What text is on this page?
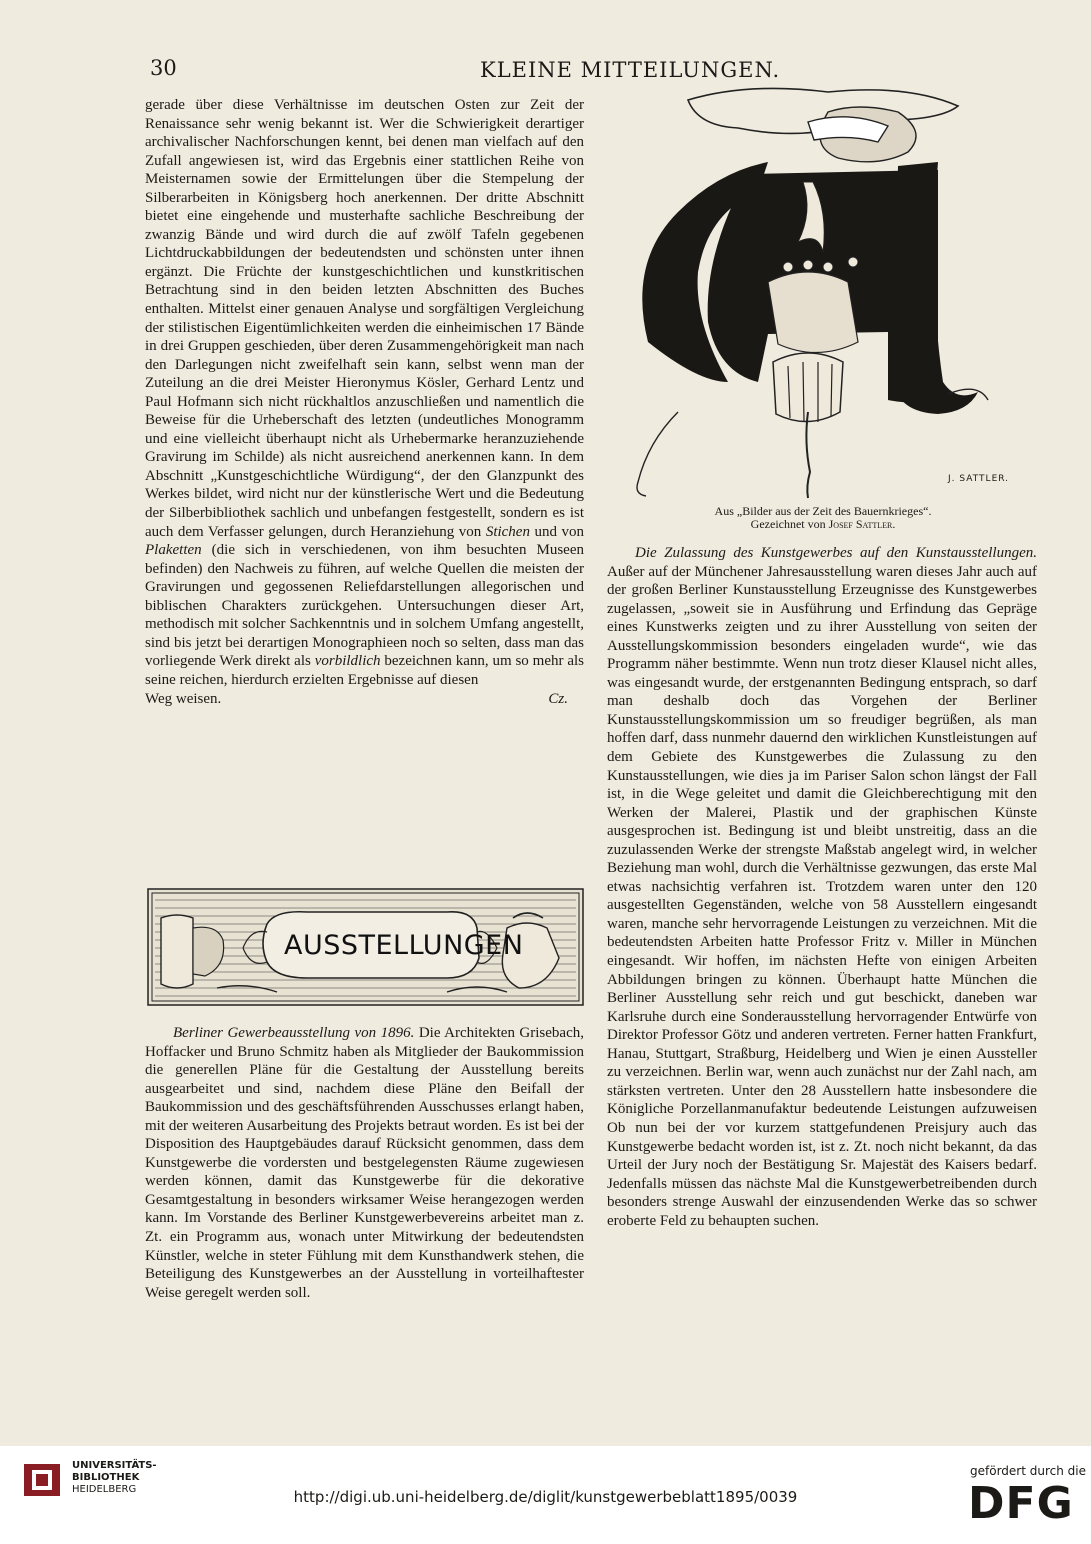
30	KLEINE MITTEILUNGEN.

gerade über diese Verhältnisse im deutschen Osten zur Zeit der Renaissance sehr wenig bekannt ist. Wer die Schwierigkeit derartiger archivalischer Nachforschungen kennt, bei denen man vielfach auf den Zufall angewiesen ist, wird das Ergebnis einer stattlichen Reihe von Meisternamen sowie der Ermittelungen über die Stempelung der Silberarbeiten in Königsberg hoch anerkennen. Der dritte Abschnitt bietet eine eingehende und musterhafte sachliche Beschreibung der zwanzig Bände und wird durch die auf zwölf Tafeln gegebenen Lichtdruckabbildungen der bedeutendsten und schönsten unter ihnen ergänzt. Die Früchte der kunstgeschichtlichen und kunstkritischen Betrachtung sind in den beiden letzten Abschnitten des Buches enthalten. Mittelst einer genauen Analyse und sorgfältigen Vergleichung der stilistischen Eigentümlichkeiten werden die einheimischen 17 Bände in drei Gruppen geschieden, über deren Zusammengehörigkeit man nach den Darlegungen nicht zweifelhaft sein kann, selbst wenn man der Zuteilung an die drei Meister Hieronymus Kösler, Gerhard Lentz und Paul Hofmann sich nicht rückhaltlos anzuschließen und namentlich die Beweise für die Urheberschaft des letzten (undeutliches Monogramm und eine vielleicht überhaupt nicht als Urhebermarke heranzuziehende Gravirung im Schilde) als nicht ausreichend anerkennen kann. In dem Abschnitt „Kunstgeschichtliche Würdigung“, der den Glanzpunkt des Werkes bildet, wird nicht nur der künstlerische Wert und die Bedeutung der Silberbibliothek sachlich und unbefangen festgestellt, sondern es ist auch dem Verfasser gelungen, durch Heranziehung von Stichen und von Plaketten (die sich in verschiedenen, von ihm besuchten Museen befinden) den Nachweis zu führen, auf welche Quellen die meisten der Gravirungen und gegossenen Reliefdarstellungen allegorischen und biblischen Charakters zurückgehen. Untersuchungen dieser Art, methodisch mit solcher Sachkenntnis und in solchem Umfang angestellt, sind bis jetzt bei derartigen Monographieen noch so selten, dass man das vorliegende Werk direkt als vorbildlich bezeichnen kann, um so mehr als seine reichen, hierdurch erzielten Ergebnisse auf diesen

Weg weisen.	Cz.
J. SATTLER.
Aus „Bilder aus der Zeit des Bauernkrieges“.
Gezeichnet von Josef Sattler.

Die Zulassung des Kunstgewerbes auf den Kunstausstellungen. Außer auf der Münchener Jahresausstellung waren dieses Jahr auch auf der großen Berliner Kunstausstellung Erzeugnisse des Kunstgewerbes zugelassen, „soweit sie in Ausführung und Erfindung das Gepräge eines Kunstwerks zeigten und zu ihrer Ausstellung von seiten der Ausstellungskommission besonders eingeladen wurde“, wie das Programm näher bestimmte. Wenn nun trotz dieser Klausel nicht alles, was eingesandt wurde, der erstgenannten Bedingung entsprach, so darf man deshalb doch das Vorgehen der Berliner Kunstausstellungskommission um so freudiger begrüßen, als man hoffen darf, dass nunmehr dauernd den wirklichen Kunstleistungen auf dem Gebiete des Kunstgewerbes die Zulassung zu den Kunstausstellungen, wie dies ja im Pariser Salon schon längst der Fall ist, in die Wege geleitet und damit die Gleichberechtigung mit den Werken der Malerei, Plastik und der graphischen Künste ausgesprochen ist. Bedingung ist und bleibt unstreitig, dass an die zuzulassenden Werke der strengste Maßstab angelegt wird, in welcher Beziehung man wohl, durch die Verhältnisse gezwungen, das erste Mal etwas nachsichtig verfahren ist. Trotzdem waren unter den 120 ausgestellten Gegenständen, welche von 58 Ausstellern eingesandt waren, manche sehr hervorragende Leistungen zu verzeichnen. Mit die bedeutendsten Arbeiten hatte Professor Fritz v. Miller in München eingesandt. Wir hoffen, im nächsten Hefte von einigen Arbeiten Abbildungen bringen zu können. Überhaupt hatte München die Berliner Ausstellung sehr reich und gut beschickt, daneben war Karlsruhe durch eine Sonderausstellung hervorragender Entwürfe von Direktor Professor Götz und anderen vertreten. Ferner hatten Frankfurt, Hanau, Stuttgart, Straßburg, Heidelberg und Wien je einen Aussteller zu verzeichnen. Berlin war, wenn auch zunächst nur der Zahl nach, am stärksten vertreten. Unter den 28 Ausstellern hatte insbesondere die Königliche Porzellanmanufaktur bedeutende Leistungen aufzuweisen Ob nun bei der vor kurzem stattgefundenen Preisjury auch das Kunstgewerbe bedacht worden ist, ist z. Zt. noch nicht bekannt, da das Urteil der Jury noch der Bestätigung Sr. Majestät des Kaisers bedarf. Jedenfalls müssen das nächste Mal die Kunstgewerbetreibenden durch besonders strenge Auswahl der einzusendenden Werke das so schwer eroberte Feld zu behaupten suchen.

AUSSTELLUNGEN

Berliner Gewerbeausstellung von 1896. Die Architekten Grisebach, Hoffacker und Bruno Schmitz haben als Mitglieder der Baukommission die generellen Pläne für die Gestaltung der Ausstellung bereits ausgearbeitet und sind, nachdem diese Pläne den Beifall der Baukommission und des geschäftsführenden Ausschusses erlangt haben, mit der weiteren Ausarbeitung des Projekts betraut worden. Es ist bei der Disposition des Hauptgebäudes darauf Rücksicht genommen, dass dem Kunstgewerbe die vordersten und bestgelegensten Räume zugewiesen werden können, damit das Kunstgewerbe für die dekorative Gesamtgestaltung in besonders wirksamer Weise herangezogen werden kann. Im Vorstande des Berliner Kunstgewerbevereins arbeitet man z. Zt. ein Programm aus, wonach unter Mitwirkung der bedeutendsten Künstler, welche in steter Fühlung mit dem Kunsthandwerk stehen, die Beteiligung des Kunstgewerbes an der Ausstellung in vorteilhaftester Weise geregelt werden soll.

UNIVERSITÄTS-
BIBLIOTHEK
HEIDELBERG	http://digi.ub.uni-heidelberg.de/diglit/kunstgewerbeblatt1895/0039
gefördert durch die
DFG
